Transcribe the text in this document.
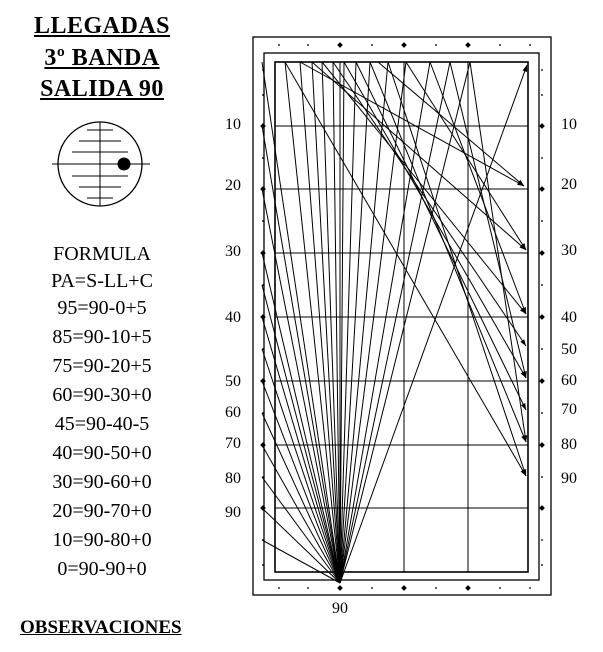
LLEGADAS
3º BANDA
SALIDA 90
10
20
30
40
50
60
70
80
90
10
20
30
40
50
60
70
80
90
90
FORMULA
PA=S-LL+C
95=90-0+5
85=90-10+5
75=90-20+5
60=90-30+0
45=90-40-5
40=90-50+0
30=90-60+0
20=90-70+0
10=90-80+0
0=90-90+0
OBSERVACIONES
